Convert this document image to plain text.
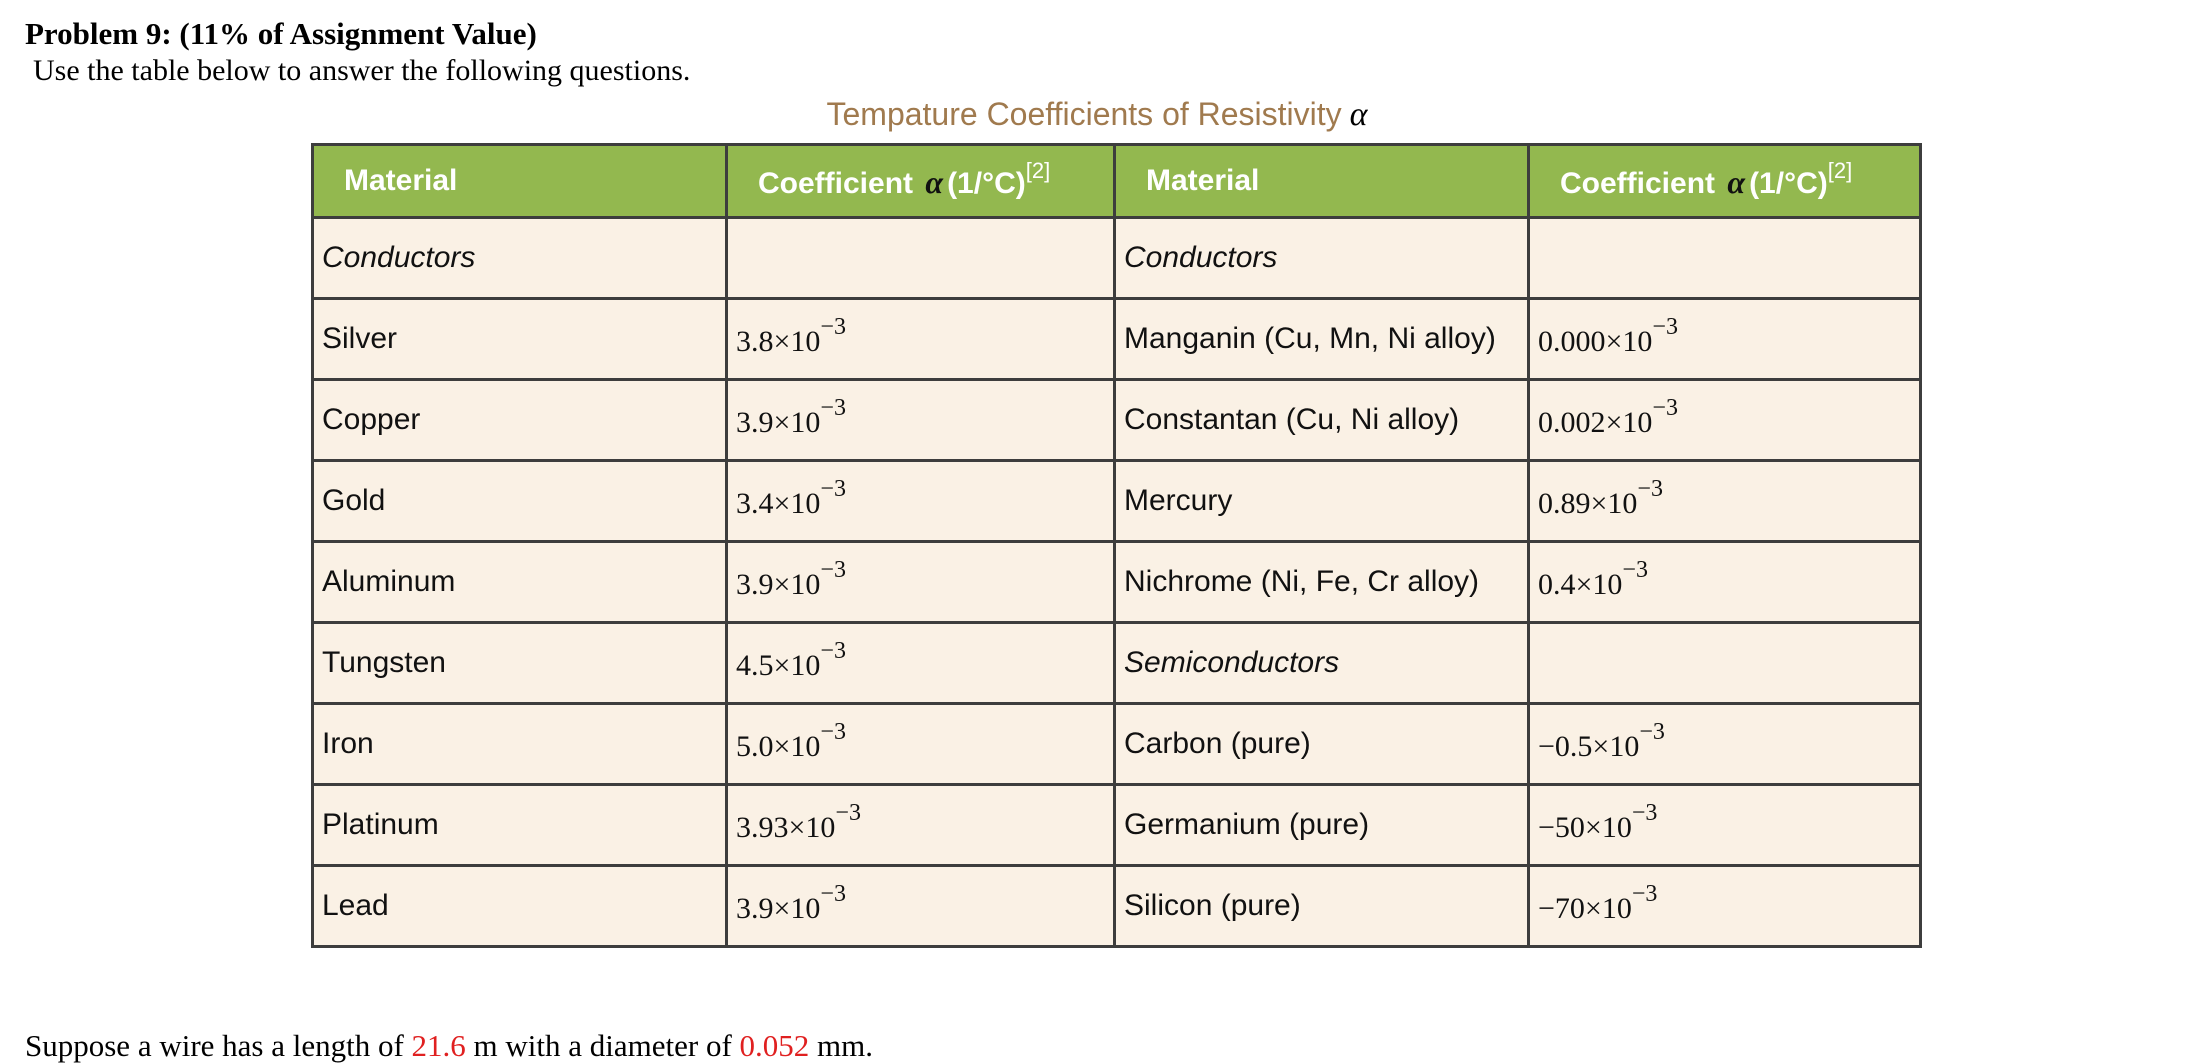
Problem 9: (11% of Assignment Value)
Use the table below to answer the following questions.
Tempature Coefficients of Resistivity α
Material	Coefficient α (1/°C)[2]	Material	Coefficient α (1/°C)[2]
Conductors		Conductors	
Silver	$3.8\times 10^{-3}$	Manganin (Cu, Mn, Ni alloy)	$0.000\times 10^{-3}$
Copper	$3.9\times 10^{-3}$	Constantan (Cu, Ni alloy)	$0.002\times 10^{-3}$
Gold	$3.4\times 10^{-3}$	Mercury	$0.89\times 10^{-3}$
Aluminum	$3.9\times 10^{-3}$	Nichrome (Ni, Fe, Cr alloy)	$0.4\times 10^{-3}$
Tungsten	$4.5\times 10^{-3}$	Semiconductors	
Iron	$5.0\times 10^{-3}$	Carbon (pure)	$-0.5\times 10^{-3}$
Platinum	$3.93\times 10^{-3}$	Germanium (pure)	$-50\times 10^{-3}$
Lead	$3.9\times 10^{-3}$	Silicon (pure)	$-70\times 10^{-3}$
Suppose a wire has a length of 21.6 m with a diameter of 0.052 mm.
